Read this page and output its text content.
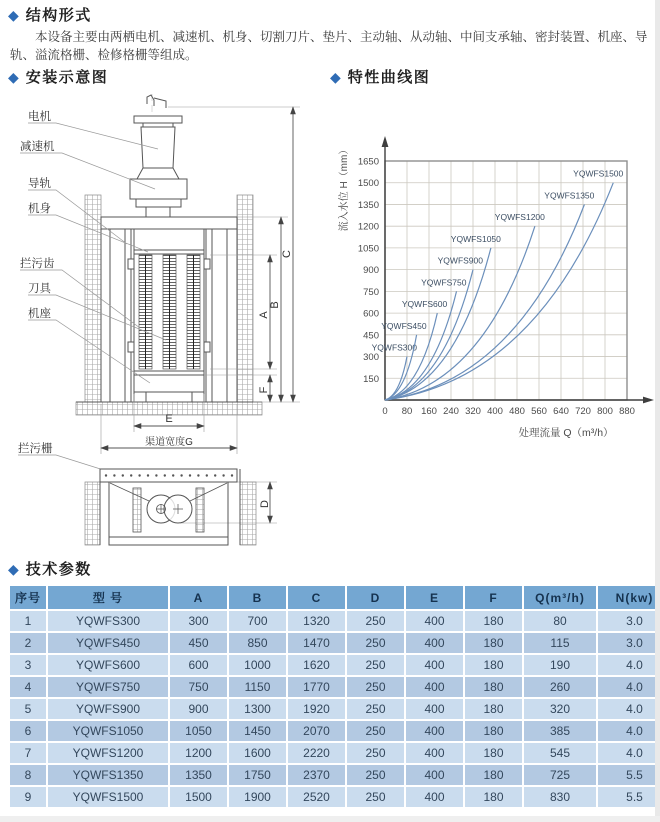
◆ 结构形式

本设备主要由两栖电机、减速机、机身、切割刀片、垫片、主动轴、从动轴、中间支承轴、密封装置、机座、导轨、溢流格栅、检修格栅等组成。

◆ 安装示意图	◆ 特性曲线图
电机
减速机
导轨
机身
拦污齿
刀具
机座
拦污栅
C
B
A
F
E
渠道宽度G
D
0 80 160 240 320 400 480 560 640 720 800 880
150
300
450
600
750
900
1050
1200
1350
1500
1650
YQWFS300
YQWFS450
YQWFS600
YQWFS750
YQWFS900
YQWFS1050
YQWFS1200
YQWFS1350
YQWFS1500
流入水位 H（mm）
处理流量 Q（m³/h）
◆ 技术参数
序号	型 号	A	B	C	D	E	F	Q(m³/h)	N(kw)
1	YQWFS300	300	700	1320	250	400	180	80	3.0
2	YQWFS450	450	850	1470	250	400	180	115	3.0
3	YQWFS600	600	1000	1620	250	400	180	190	4.0
4	YQWFS750	750	1150	1770	250	400	180	260	4.0
5	YQWFS900	900	1300	1920	250	400	180	320	4.0
6	YQWFS1050	1050	1450	2070	250	400	180	385	4.0
7	YQWFS1200	1200	1600	2220	250	400	180	545	4.0
8	YQWFS1350	1350	1750	2370	250	400	180	725	5.5
9	YQWFS1500	1500	1900	2520	250	400	180	830	5.5
